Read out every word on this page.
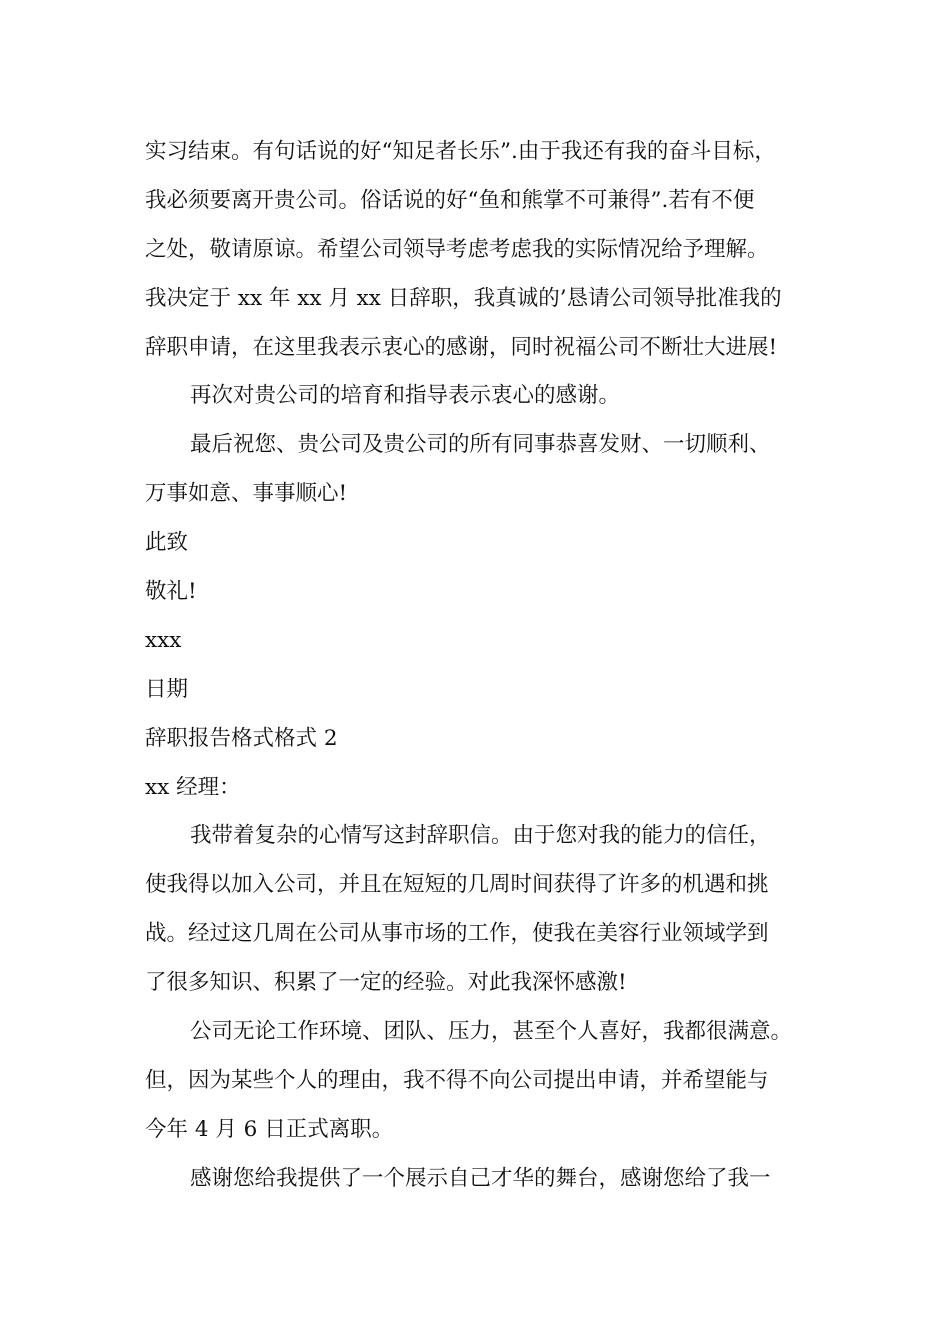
实习结束。有句话说的好“知足者长乐”.由于我还有我的奋斗目标，
我必须要离开贵公司。俗话说的好“鱼和熊掌不可兼得”.若有不便
之处，敬请原谅。希望公司领导考虑考虑我的实际情况给予理解。
我决定于 xx 年 xx 月 xx 日辞职，我真诚的’恳请公司领导批准我的
辞职申请，在这里我表示衷心的感谢，同时祝福公司不断壮大进展!
再次对贵公司的培育和指导表示衷心的感谢。
最后祝您、贵公司及贵公司的所有同事恭喜发财、一切顺利、
万事如意、事事顺心!
此致
敬礼!
xxx
日期
辞职报告格式格式 2
xx 经理：
我带着复杂的心情写这封辞职信。由于您对我的能力的信任，
使我得以加入公司，并且在短短的几周时间获得了许多的机遇和挑
战。经过这几周在公司从事市场的工作，使我在美容行业领域学到
了很多知识、积累了一定的经验。对此我深怀感激!
公司无论工作环境、团队、压力，甚至个人喜好，我都很满意。
但，因为某些个人的理由，我不得不向公司提出申请，并希望能与
今年 4 月 6 日正式离职。
感谢您给我提供了一个展示自己才华的舞台，感谢您给了我一
